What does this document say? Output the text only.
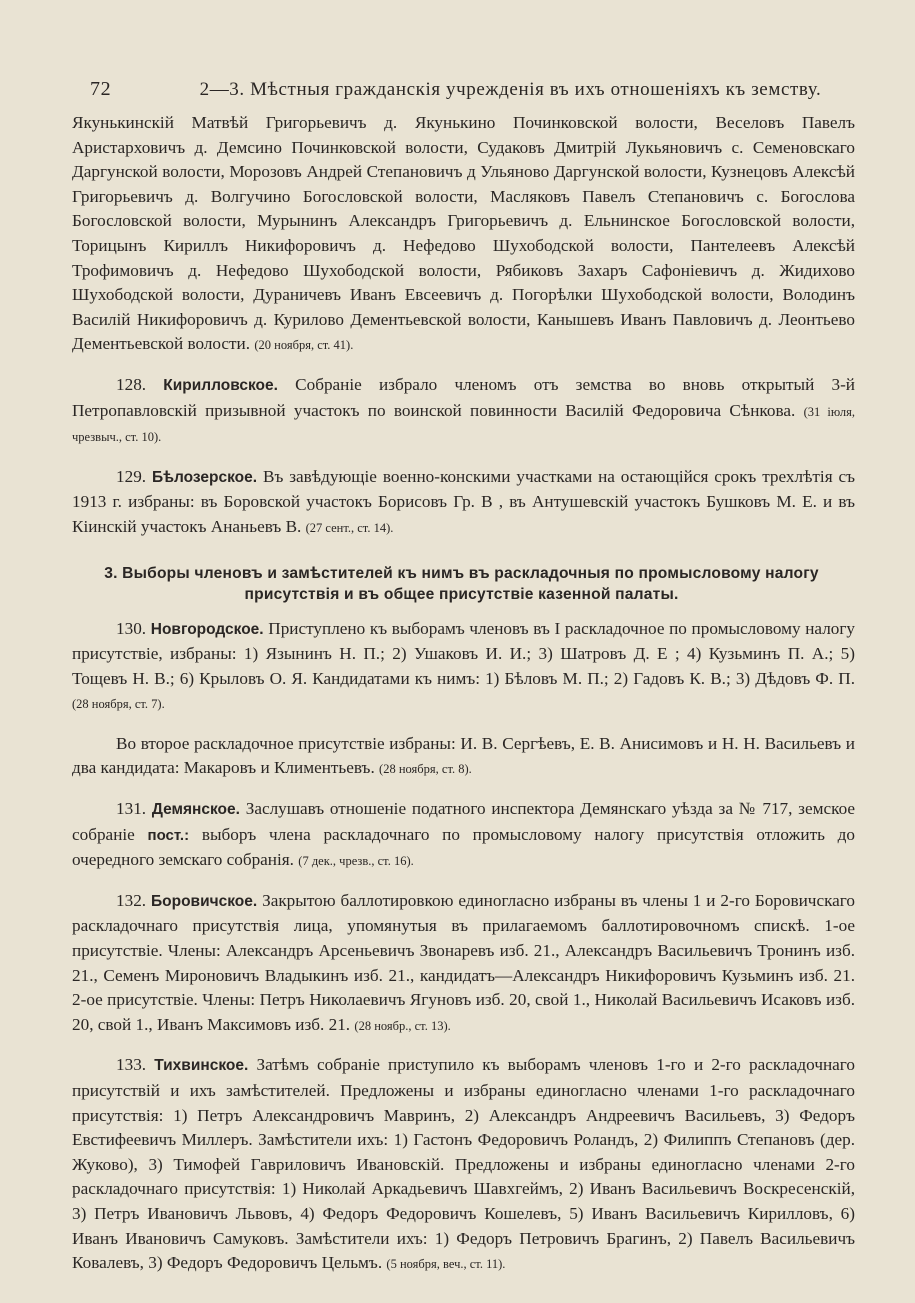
72	2—3. Мѣстныя гражданскія учрежденія въ ихъ отношеніяхъ къ земству.

Якунькинскій Матвѣй Григорьевичъ д. Якунькино Починковской волости, Веселовъ Павелъ Аристарховичъ д. Демсино Починковской волости, Судаковъ Дмитрій Лукьяновичъ с. Семеновскаго Даргунской волости, Морозовъ Андрей Степановичъ д Ульяново Даргунской волости, Кузнецовъ Алексѣй Григорьевичъ д. Волгучино Богословской волости, Масляковъ Павелъ Степановичъ с. Богослова Богословской волости, Мурынинъ Александръ Григорьевичъ д. Ельнинское Богословской волости, Торицынъ Кириллъ Никифоровичъ д. Нефедово Шухободской волости, Пантелеевъ Алексѣй Трофимовичъ д. Нефедово Шухободской волости, Рябиковъ Захаръ Сафоніевичъ д. Жидихово Шухободской волости, Дураничевъ Иванъ Евсеевичъ д. Погорѣлки Шухободской волости, Володинъ Василій Никифоровичъ д. Курилово Дементьевской волости, Канышевъ Иванъ Павловичъ д. Леонтьево Дементьевской волости. (20 ноября, ст. 41).

128. Кирилловское. Собраніе избрало членомъ отъ земства во вновь открытый 3-й Петропавловскій призывной участокъ по воинской повинности Василій Федоровича Сѣнкова. (31 іюля, чрезвыч., ст. 10).

129. Бѣлозерское. Въ завѣдующіе военно-конскими участками на остающійся срокъ трехлѣтія съ 1913 г. избраны: въ Боровской участокъ Борисовъ Гр. В , въ Антушевскій участокъ Бушковъ М. Е. и въ Кіинскій участокъ Ананьевъ В. (27 сент., ст. 14).

3. Выборы членовъ и замѣстителей къ нимъ въ раскладочныя по промысловому налогу присутствія и въ общее присутствіе казенной палаты.

130. Новгородское. Приступлено къ выборамъ членовъ въ I раскладочное по промысловому налогу присутствіе, избраны: 1) Язынинъ Н. П.; 2) Ушаковъ И. И.; 3) Шатровъ Д. Е ; 4) Кузьминъ П. А.; 5) Тощевъ Н. В.; 6) Крыловъ О. Я. Кандидатами къ нимъ: 1) Бѣловъ М. П.; 2) Гадовъ К. В.; 3) Дѣдовъ Ф. П. (28 ноября, ст. 7).

Во второе раскладочное присутствіе избраны: И. В. Сергѣевъ, Е. В. Анисимовъ и Н. Н. Васильевъ и два кандидата: Макаровъ и Климентьевъ. (28 ноября, ст. 8).

131. Демянское. Заслушавъ отношеніе податного инспектора Демянскаго уѣзда за № 717, земское собраніе пост.: выборъ члена раскладочнаго по промысловому налогу присутствія отложить до очередного земскаго собранія. (7 дек., чрезв., ст. 16).

132. Боровичское. Закрытою баллотировкою единогласно избраны въ члены 1 и 2-го Боровичскаго раскладочнаго присутствія лица, упомянутыя въ прилагаемомъ баллотировочномъ спискѣ. 1-ое присутствіе. Члены: Александръ Арсеньевичъ Звонаревъ изб. 21., Александръ Васильевичъ Тронинъ изб. 21., Семенъ Мироновичъ Владыкинъ изб. 21., кандидатъ—Александръ Никифоровичъ Кузьминъ изб. 21. 2-ое присутствіе. Члены: Петръ Николаевичъ Ягуновъ изб. 20, свой 1., Николай Васильевичъ Исаковъ изб. 20, свой 1., Иванъ Максимовъ изб. 21. (28 ноябр., ст. 13).

133. Тихвинское. Затѣмъ собраніе приступило къ выборамъ членовъ 1-го и 2-го раскладочнаго присутствій и ихъ замѣстителей. Предложены и избраны единогласно членами 1-го раскладочнаго присутствія: 1) Петръ Александровичъ Мавринъ, 2) Александръ Андреевичъ Васильевъ, 3) Федоръ Евстифеевичъ Миллеръ. Замѣстители ихъ: 1) Гастонъ Федоровичъ Роландъ, 2) Филиппъ Степановъ (дер. Жуково), 3) Тимофей Гавриловичъ Ивановскій. Предложены и избраны единогласно членами 2-го раскладочнаго присутствія: 1) Николай Аркадьевичъ Шавхгеймъ, 2) Иванъ Васильевичъ Воскресенскій, 3) Петръ Ивановичъ Львовъ, 4) Федоръ Федоровичъ Кошелевъ, 5) Иванъ Васильевичъ Кирилловъ, 6) Иванъ Ивановичъ Самуковъ. Замѣстители ихъ: 1) Федоръ Петровичъ Брагинъ, 2) Павелъ Васильевичъ Ковалевъ, 3) Федоръ Федоровичъ Цельмъ. (5 ноября, веч., ст. 11).
